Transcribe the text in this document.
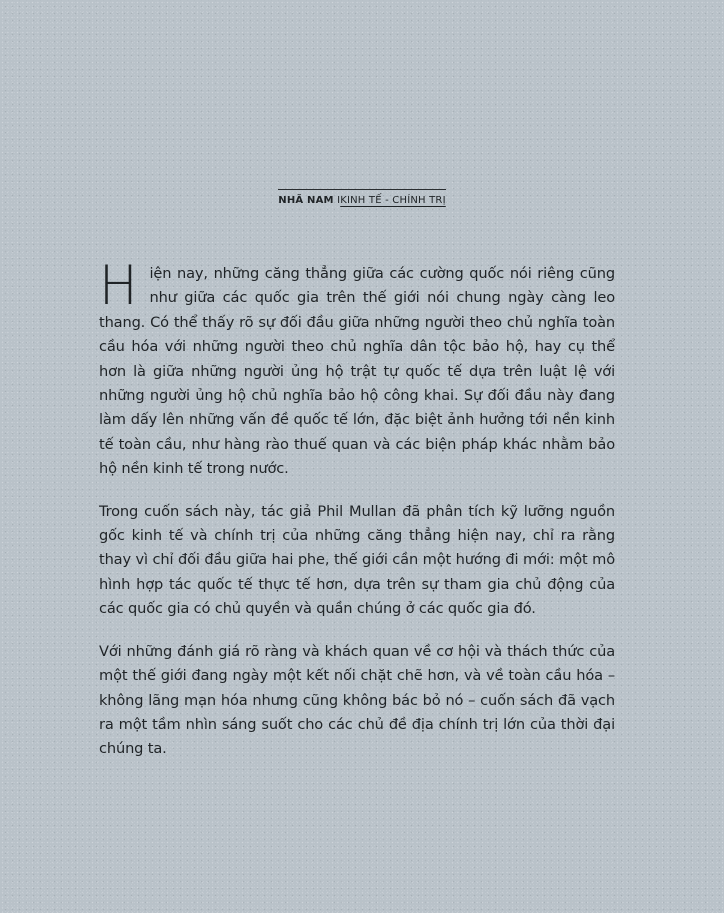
NHÃ NAM IKINH TẾ - CHÍNH TRỊ

Hiện nay, những căng thẳng giữa các cường quốc nói riêng cũng như giữa các quốc gia trên thế giới nói chung ngày càng leo thang. Có thể thấy rõ sự đối đầu giữa những người theo chủ nghĩa toàn cầu hóa với những người theo chủ nghĩa dân tộc bảo hộ, hay cụ thể hơn là giữa những người ủng hộ trật tự quốc tế dựa trên luật lệ với những người ủng hộ chủ nghĩa bảo hộ công khai. Sự đối đầu này đang làm dấy lên những vấn đề quốc tế lớn, đặc biệt ảnh hưởng tới nền kinh tế toàn cầu, như hàng rào thuế quan và các biện pháp khác nhằm bảo hộ nền kinh tế trong nước.

Trong cuốn sách này, tác giả Phil Mullan đã phân tích kỹ lưỡng nguồn gốc kinh tế và chính trị của những căng thẳng hiện nay, chỉ ra rằng thay vì chỉ đối đầu giữa hai phe, thế giới cần một hướng đi mới: một mô hình hợp tác quốc tế thực tế hơn, dựa trên sự tham gia chủ động của các quốc gia có chủ quyền và quần chúng ở các quốc gia đó.

Với những đánh giá rõ ràng và khách quan về cơ hội và thách thức của một thế giới đang ngày một kết nối chặt chẽ hơn, và về toàn cầu hóa – không lãng mạn hóa nhưng cũng không bác bỏ nó – cuốn sách đã vạch ra một tầm nhìn sáng suốt cho các chủ đề địa chính trị lớn của thời đại chúng ta.
